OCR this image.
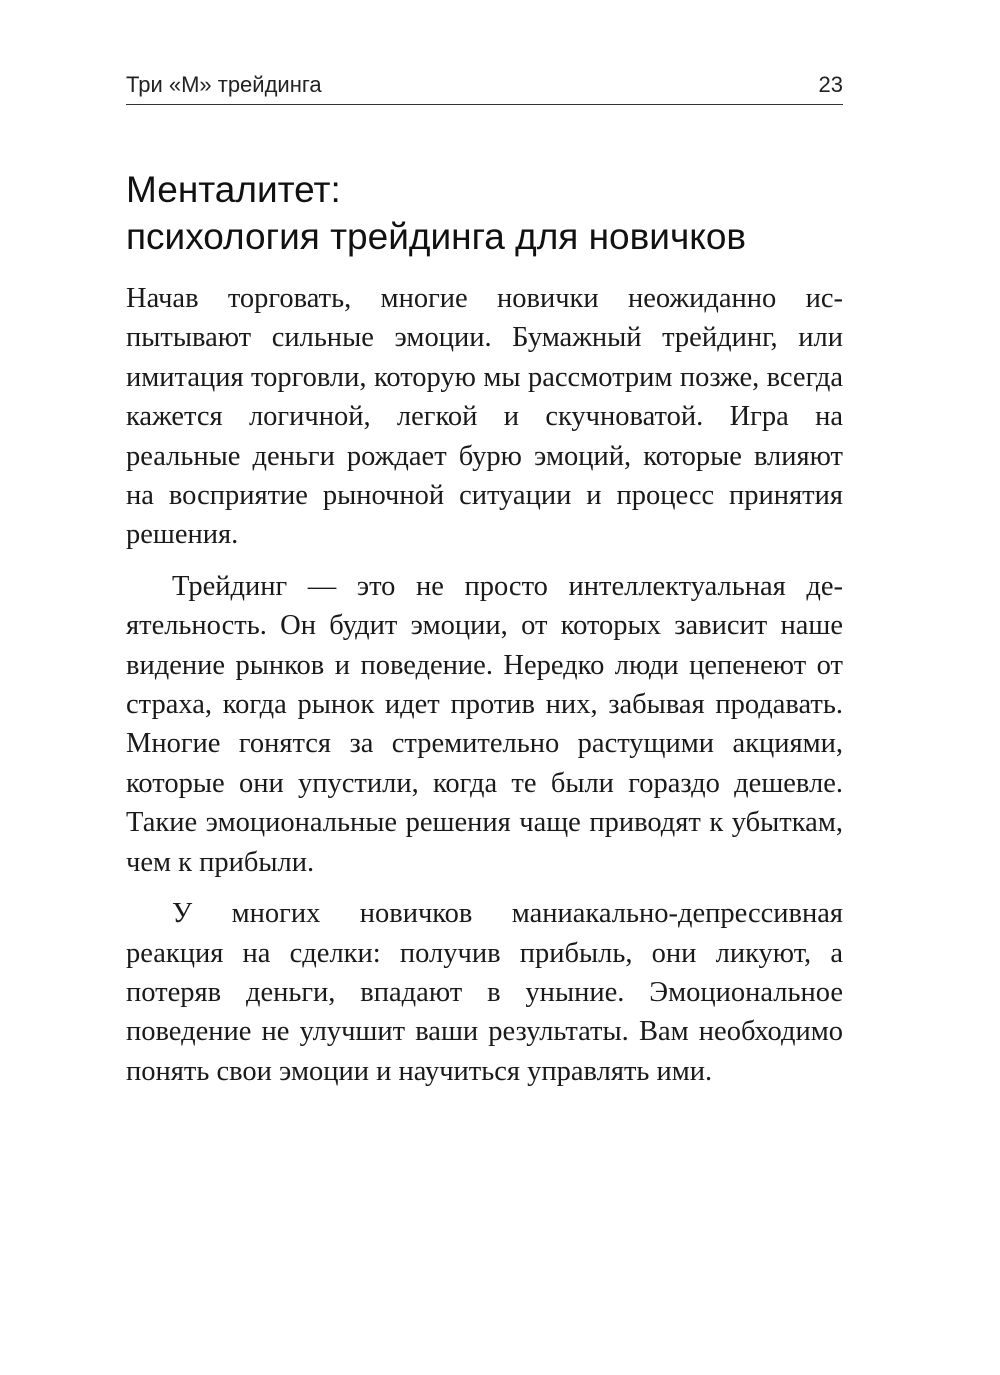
Три «М» трейдинга	23
Менталитет:
психология трейдинга для новичков

Начав торговать, многие новички неожиданно испытывают сильные эмоции. Бумажный трейдинг, или имитация торговли, которую мы рассмотрим позже, всегда кажется логичной, легкой и скучноватой. Игра на реальные деньги рождает бурю эмоций, которые влияют на восприятие рыночной ситуации и процесс принятия решения.

Трейдинг — это не просто интеллектуальная деятельность. Он будит эмоции, от которых зависит наше видение рынков и поведение. Нередко люди цепенеют от страха, когда рынок идет против них, забывая продавать. Многие гонятся за стремительно растущими акциями, которые они упустили, когда те были гораздо дешевле. Такие эмоциональные решения чаще приводят к убыткам, чем к прибыли.

У многих новичков маниакально-депрессивная реакция на сделки: получив прибыль, они ликуют, а потеряв деньги, впадают в уныние. Эмоциональное поведение не улучшит ваши результаты. Вам необходимо понять свои эмоции и научиться управлять ими.
